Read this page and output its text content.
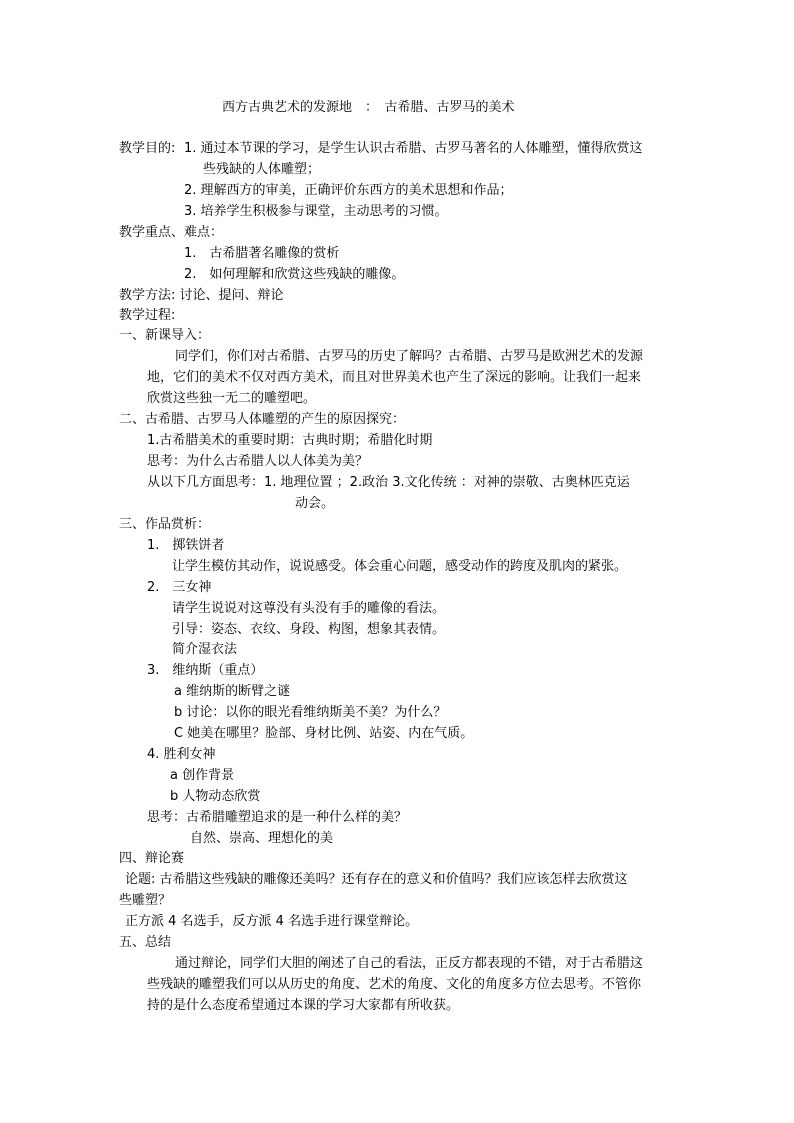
西方古典艺术的发源地　：　古希腊、古罗马的美术
教学目的: 1. 通过本节课的学习，是学生认识古希腊、古罗马著名的人体雕塑，懂得欣赏这
些残缺的人体雕塑；
2. 理解西方的审美，正确评价东西方的美术思想和作品；
3. 培养学生积极参与课堂，主动思考的习惯。
教学重点、难点：
1.　古希腊著名雕像的赏析
2.　如何理解和欣赏这些残缺的雕像。
教学方法: 讨论、提问、辩论
教学过程:
一、新课导入：
同学们，你们对古希腊、古罗马的历史了解吗？古希腊、古罗马是欧洲艺术的发源
地，它们的美术不仅对西方美术，而且对世界美术也产生了深远的影响。让我们一起来
欣赏这些独一无二的雕塑吧。
二、古希腊、古罗马人体雕塑的产生的原因探究：
1.古希腊美术的重要时期：古典时期；希腊化时期
思考：为什么古希腊人以人体美为美？
从以下几方面思考：1. 地理位置 ；2.政治 3.文化传统 ：对神的崇敬、古奥林匹克运
动会。
三、作品赏析：
1.　掷铁饼者
让学生模仿其动作，说说感受。体会重心问题，感受动作的跨度及肌肉的紧张。
2.　三女神
请学生说说对这尊没有头没有手的雕像的看法。
引导：姿态、衣纹、身段、构图，想象其表情。
简介湿衣法
3.　维纳斯（重点）
a 维纳斯的断臂之谜
b 讨论：以你的眼光看维纳斯美不美？为什么？
C 她美在哪里？脸部、身材比例、站姿、内在气质。
4. 胜利女神
a 创作背景
b 人物动态欣赏
思考：古希腊雕塑追求的是一种什么样的美？
自然、崇高、理想化的美
四、辩论赛
论题: 古希腊这些残缺的雕像还美吗？还有存在的意义和价值吗？我们应该怎样去欣赏这
些雕塑？
正方派 4 名选手，反方派 4 名选手进行课堂辩论。
五、总结
通过辩论，同学们大胆的阐述了自己的看法，正反方都表现的不错，对于古希腊这
些残缺的雕塑我们可以从历史的角度、艺术的角度、文化的角度多方位去思考。不管你
持的是什么态度希望通过本课的学习大家都有所收获。
